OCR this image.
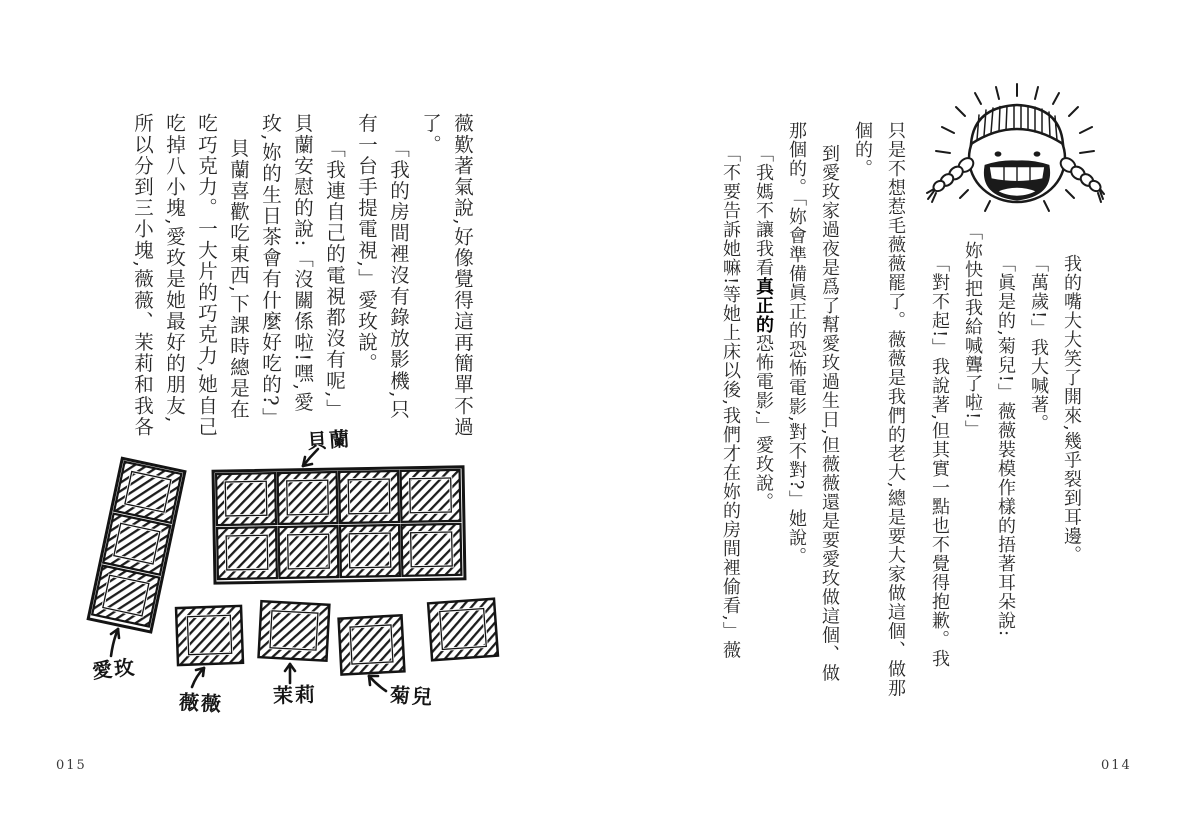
薇歎著氣說,好像覺得這再簡單不過

了。

「我的房間裡沒有錄放影機,只

有一台手提電視,」愛玫說。

「我連自己的電視都沒有呢,」

貝蘭安慰的說:「沒關係啦!嘿,愛

玫,妳的生日茶會有什麼好吃的?」

貝蘭喜歡吃東西,下課時總是在

吃巧克力。一大片的巧克力,她自己

吃掉八小塊,愛玫是她最好的朋友,

所以分到三小塊,薇薇、茉莉和我各

貝蘭
愛玫
薇薇 茉莉	菊兒
015

我的嘴大大笑了開來,幾乎裂到耳邊。

「萬歲!」我大喊著。

「眞是的,菊兒!」薇薇裝模作樣的捂著耳朵說:

「妳快把我給喊聾了啦!」

「對不起!」我說著,但其實一點也不覺得抱歉。我

只是不想惹毛薇薇罷了。薇薇是我們的老大,總是要大家做這個、做那

個的。

到愛玫家過夜是爲了幫愛玫過生日,但薇薇還是要愛玫做這個、做

那個的。「妳會準備眞正的恐怖電影,對不對?」她說。

「我媽不讓我看真正的恐怖電影,」愛玫說。

「不要告訴她嘛!等她上床以後,我們才在妳的房間裡偷看,」薇

014
